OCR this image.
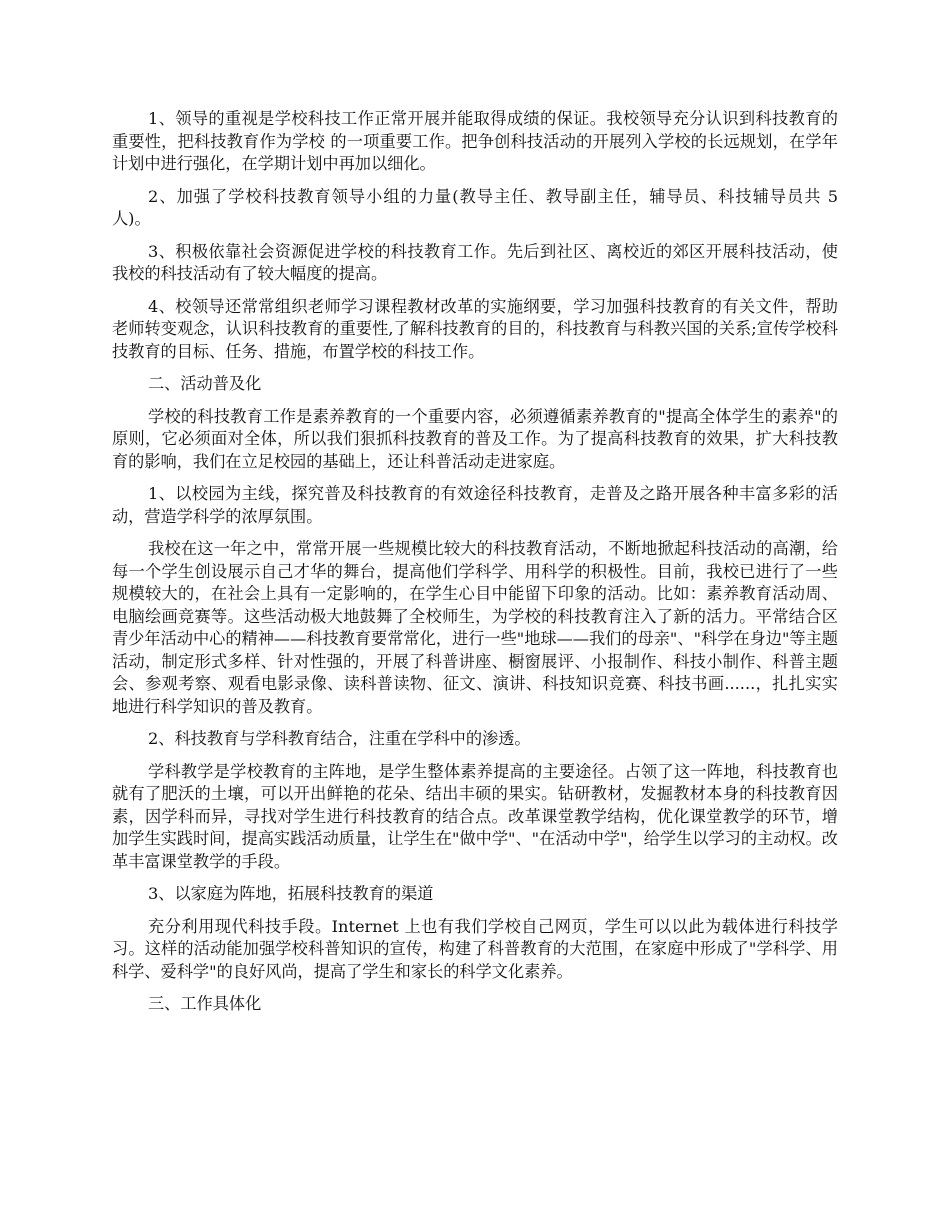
1、领导的重视是学校科技工作正常开展并能取得成绩的保证。我校领导充分认识到科技教育的重要性，把科技教育作为学校 的一项重要工作。把争创科技活动的开展列入学校的长远规划，在学年计划中进行强化，在学期计划中再加以细化。

2、加强了学校科技教育领导小组的力量(教导主任、教导副主任，辅导员、科技辅导员共 5 人)。

3、积极依靠社会资源促进学校的科技教育工作。先后到社区、离校近的郊区开展科技活动，使我校的科技活动有了较大幅度的提高。

4、校领导还常常组织老师学习课程教材改革的实施纲要，学习加强科技教育的有关文件，帮助老师转变观念，认识科技教育的重要性,了解科技教育的目的，科技教育与科教兴国的关系;宣传学校科技教育的目标、任务、措施，布置学校的科技工作。

二、活动普及化

学校的科技教育工作是素养教育的一个重要内容，必须遵循素养教育的"提高全体学生的素养"的原则，它必须面对全体，所以我们狠抓科技教育的普及工作。为了提高科技教育的效果，扩大科技教育的影响，我们在立足校园的基础上，还让科普活动走进家庭。

1、以校园为主线，探究普及科技教育的有效途径科技教育，走普及之路开展各种丰富多彩的活动，营造学科学的浓厚氛围。

我校在这一年之中，常常开展一些规模比较大的科技教育活动，不断地掀起科技活动的高潮，给每一个学生创设展示自己才华的舞台，提高他们学科学、用科学的积极性。目前，我校已进行了一些规模较大的，在社会上具有一定影响的，在学生心目中能留下印象的活动。比如：素养教育活动周、电脑绘画竞赛等。这些活动极大地鼓舞了全校师生，为学校的科技教育注入了新的活力。平常结合区青少年活动中心的精神——科技教育要常常化，进行一些"地球——我们的母亲"、"科学在身边"等主题活动，制定形式多样、针对性强的，开展了科普讲座、橱窗展评、小报制作、科技小制作、科普主题会、参观考察、观看电影录像、读科普读物、征文、演讲、科技知识竞赛、科技书画......，扎扎实实地进行科学知识的普及教育。

2、科技教育与学科教育结合，注重在学科中的渗透。

学科教学是学校教育的主阵地，是学生整体素养提高的主要途径。占领了这一阵地，科技教育也就有了肥沃的土壤，可以开出鲜艳的花朵、结出丰硕的果实。钻研教材，发掘教材本身的科技教育因素，因学科而异，寻找对学生进行科技教育的结合点。改革课堂教学结构，优化课堂教学的环节，增加学生实践时间，提高实践活动质量，让学生在"做中学"、"在活动中学"，给学生以学习的主动权。改革丰富课堂教学的手段。

3、以家庭为阵地，拓展科技教育的渠道

充分利用现代科技手段。Internet 上也有我们学校自己网页，学生可以以此为载体进行科技学习。这样的活动能加强学校科普知识的宣传，构建了科普教育的大范围，在家庭中形成了"学科学、用科学、爱科学"的良好风尚，提高了学生和家长的科学文化素养。

三、工作具体化
